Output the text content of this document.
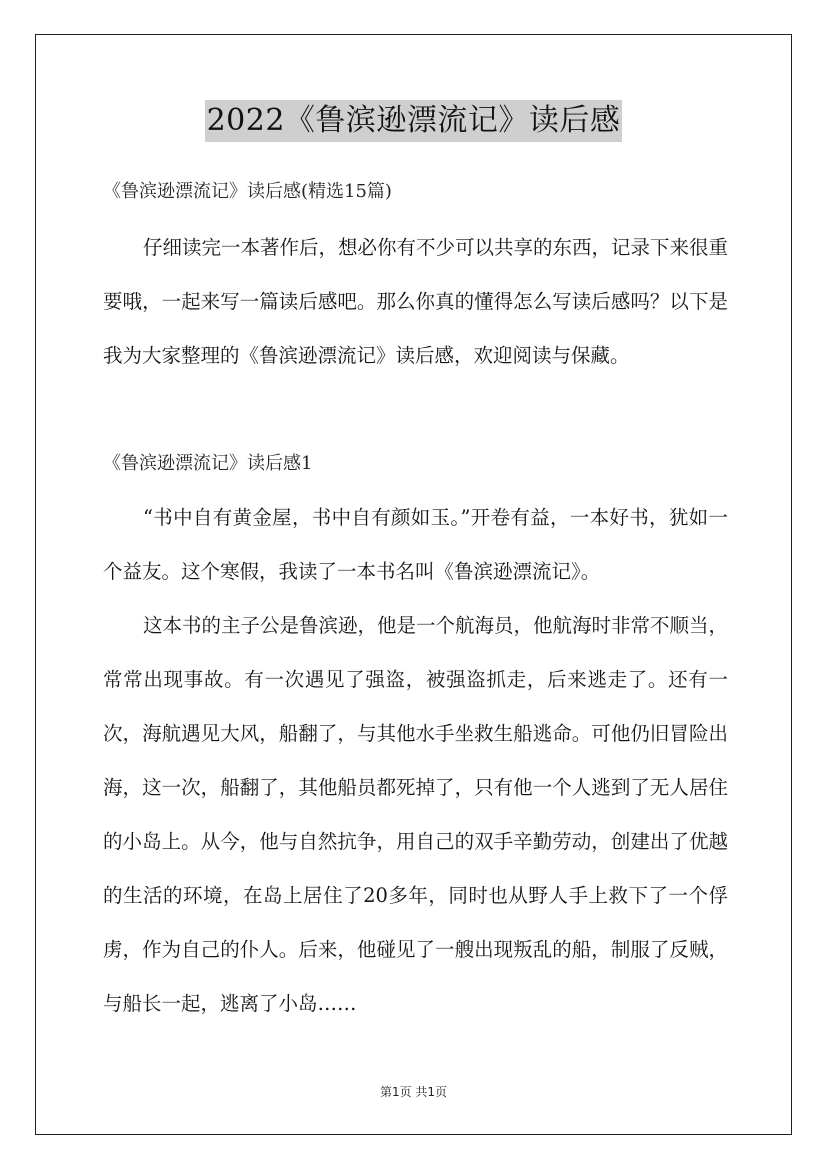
2022《鲁滨逊漂流记》读后感
《鲁滨逊漂流记》读后感(精选15篇)

仔细读完一本著作后，想必你有不少可以共享的东西，记录下来很重要哦，一起来写一篇读后感吧。那么你真的懂得怎么写读后感吗？以下是我为大家整理的《鲁滨逊漂流记》读后感，欢迎阅读与保藏。

《鲁滨逊漂流记》读后感1

“书中自有黄金屋，书中自有颜如玉。”开卷有益，一本好书，犹如一个益友。这个寒假，我读了一本书名叫《鲁滨逊漂流记》。

这本书的主子公是鲁滨逊，他是一个航海员，他航海时非常不顺当，常常出现事故。有一次遇见了强盗，被强盗抓走，后来逃走了。还有一次，海航遇见大风，船翻了，与其他水手坐救生船逃命。可他仍旧冒险出海，这一次，船翻了，其他船员都死掉了，只有他一个人逃到了无人居住的小岛上。从今，他与自然抗争，用自己的双手辛勤劳动，创建出了优越的生活的环境，在岛上居住了20多年，同时也从野人手上救下了一个俘虏，作为自己的仆人。后来，他碰见了一艘出现叛乱的船，制服了反贼，与船长一起，逃离了小岛……

第1页 共1页
